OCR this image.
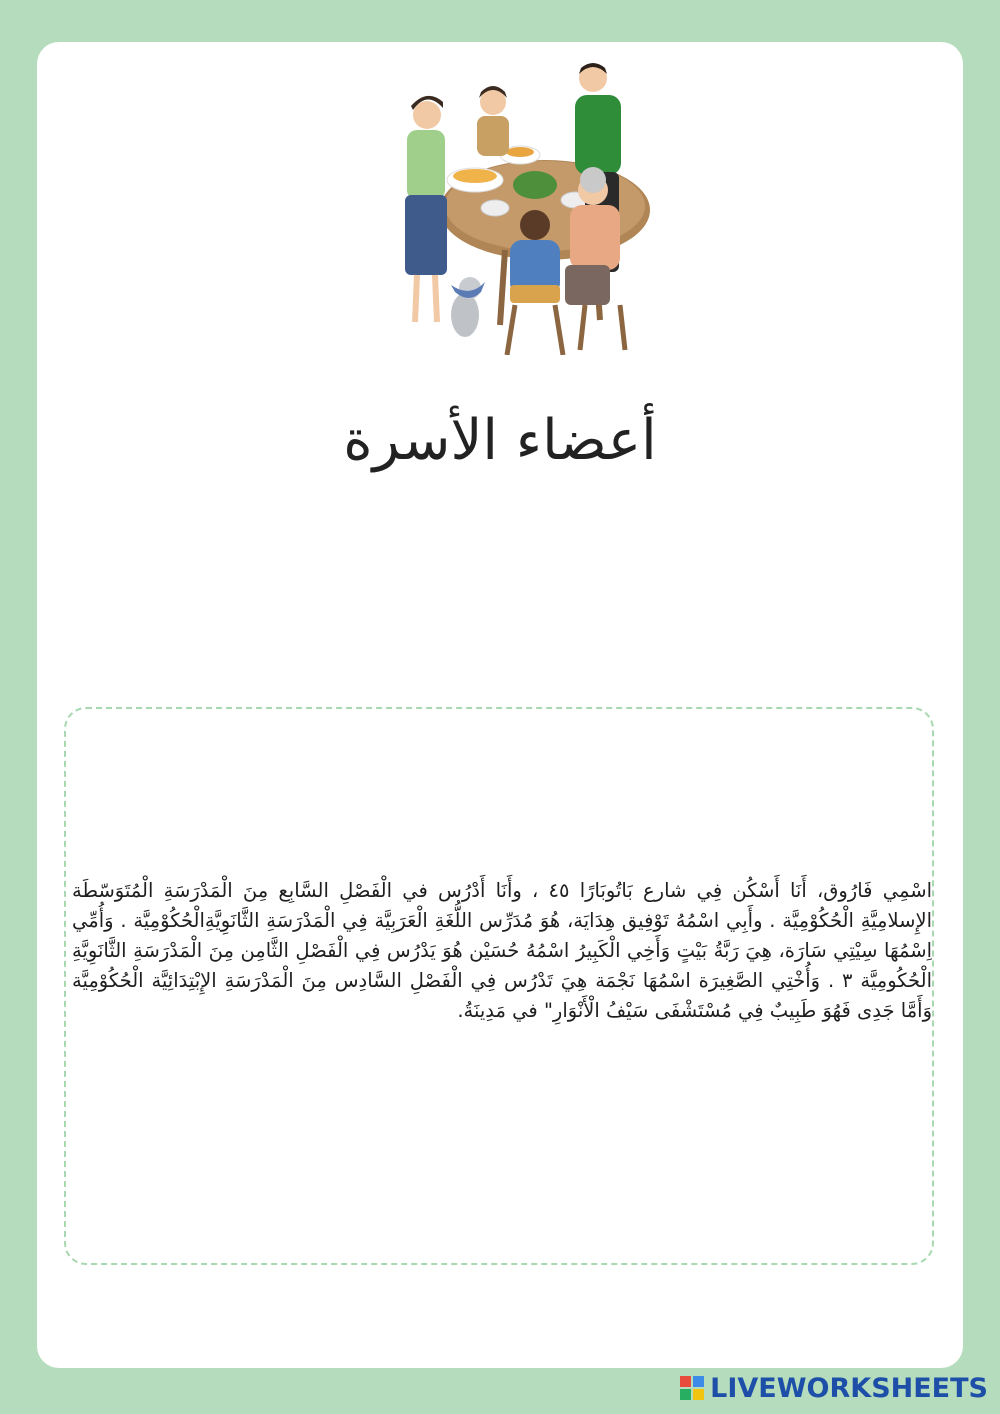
أعضاء الأسرة

اسْمِي فَارُوق، أَنَا أَسْكُن فِي شارع بَاتُوبَارًا ٤٥ ، وأَنَا أَدْرُس في الْفَصْلِ السَّابِع مِنَ الْمَدْرَسَةِ الْمُتَوَسّطَة الإِسلامِيَّةِ الْحُكُوْمِيَّة . وأَبِي اسْمُهُ تَوْفِيق هِدَايَة، هُوَ مُدَرِّس اللُّغَةِ الْعَرَبِيَّة فِي الْمَدْرَسَةِ الثَّانَوِيَّةِالْحُكُوْمِيَّة . وَأُمِّي اِسْمُهَا سِيْتِي سَارَة، هِيَ رَبَّةُ بَيْتٍ وَأَخِي الْكَبِيرُ اسْمُهُ حُسَيْن هُوَ يَدْرُس فِي الْفَصْلِ الثَّامِن مِنَ الْمَدْرَسَةِ الثَّانَوِيَّةِ الْحُكُومِيَّة ٣ . وَأُخْتِي الصَّغِيرَة اسْمُهَا نَجْمَة هِيَ تَدْرُس فِي الْفَصْلِ السَّادِس مِنَ الْمَدْرَسَةِ الإِبْتِدَائِيَّة الْحُكُوْمِيَّة وَأَمَّا جَدِى فَهُوَ طَبِيبٌ فِي مُسْتَشْفَى سَيْفُ الْأَنْوَارِ" في مَدِينَةُ.

LIVEWORKSHEETS
